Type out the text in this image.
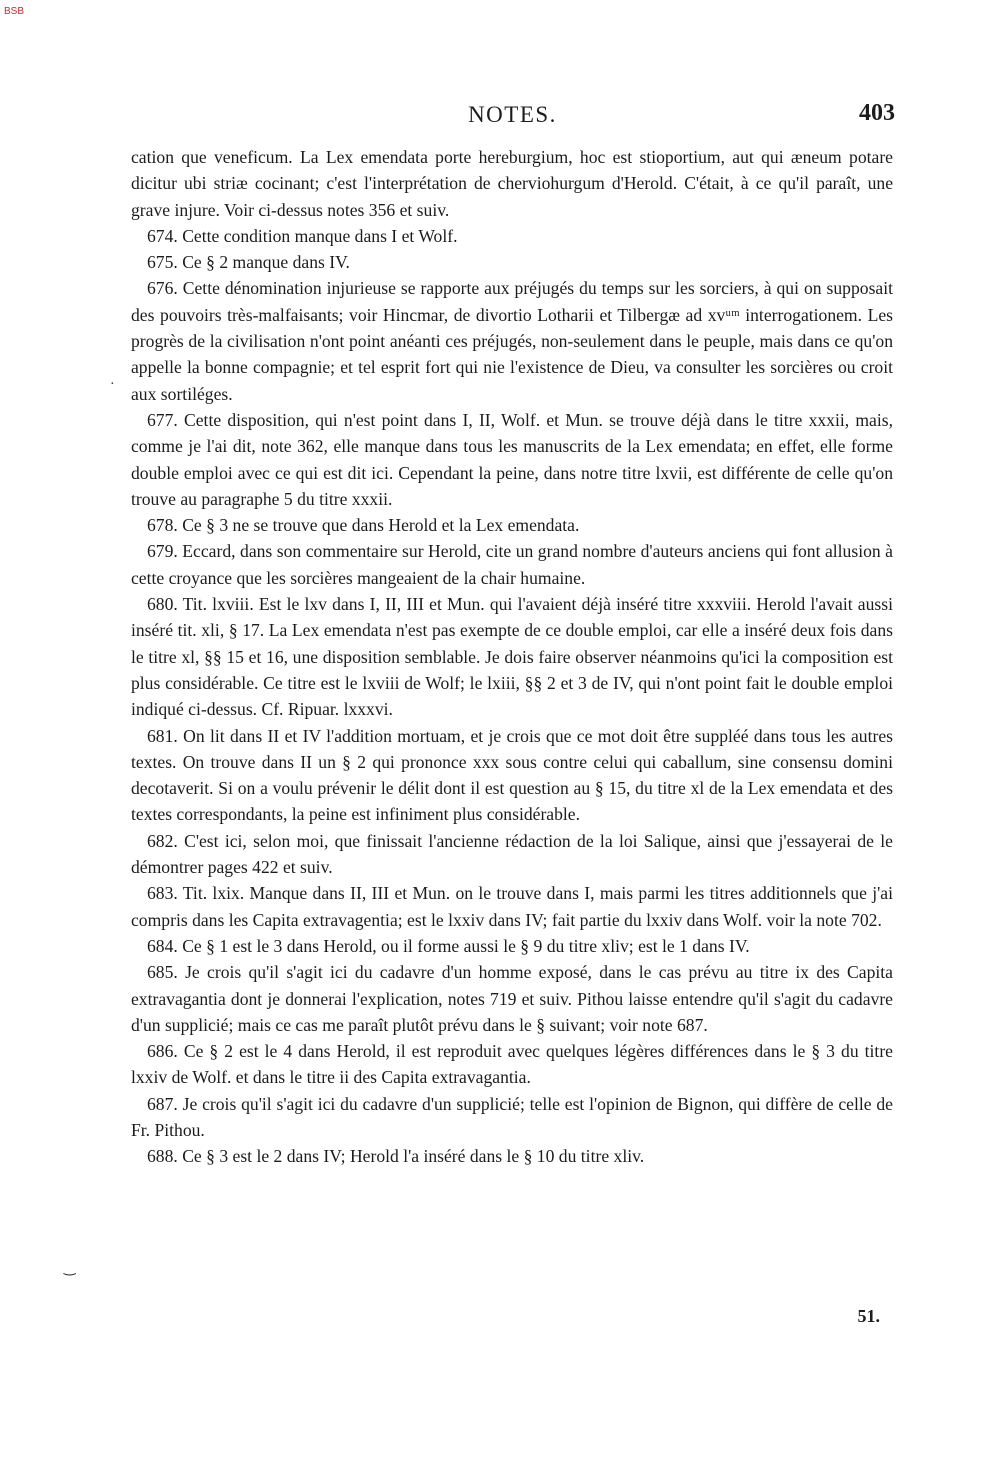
BSB
NOTES.	403

cation que veneficum. La Lex emendata porte hereburgium, hoc est stioportium, aut qui æneum potare dicitur ubi striæ cocinant; c'est l'interprétation de cherviohurgum d'Herold. C'était, à ce qu'il paraît, une grave injure. Voir ci-dessus notes 356 et suiv.

674. Cette condition manque dans I et Wolf.

675. Ce § 2 manque dans IV.

676. Cette dénomination injurieuse se rapporte aux préjugés du temps sur les sorciers, à qui on supposait des pouvoirs très-malfaisants; voir Hincmar, de divortio Lotharii et Tilbergæ ad xvᵘᵐ interrogationem. Les progrès de la civilisation n'ont point anéanti ces préjugés, non-seulement dans le peuple, mais dans ce qu'on appelle la bonne compagnie; et tel esprit fort qui nie l'existence de Dieu, va consulter les sorcières ou croit aux sortiléges.

677. Cette disposition, qui n'est point dans I, II, Wolf. et Mun. se trouve déjà dans le titre xxxii, mais, comme je l'ai dit, note 362, elle manque dans tous les manuscrits de la Lex emendata; en effet, elle forme double emploi avec ce qui est dit ici. Cependant la peine, dans notre titre lxvii, est différente de celle qu'on trouve au paragraphe 5 du titre xxxii.

678. Ce § 3 ne se trouve que dans Herold et la Lex emendata.

679. Eccard, dans son commentaire sur Herold, cite un grand nombre d'auteurs anciens qui font allusion à cette croyance que les sorcières mangeaient de la chair humaine.

680. Tit. lxviii. Est le lxv dans I, II, III et Mun. qui l'avaient déjà inséré titre xxxviii. Herold l'avait aussi inséré tit. xli, § 17. La Lex emendata n'est pas exempte de ce double emploi, car elle a inséré deux fois dans le titre xl, §§ 15 et 16, une disposition semblable. Je dois faire observer néanmoins qu'ici la composition est plus considérable. Ce titre est le lxviii de Wolf; le lxiii, §§ 2 et 3 de IV, qui n'ont point fait le double emploi indiqué ci-dessus. Cf. Ripuar. lxxxvi.

681. On lit dans II et IV l'addition mortuam, et je crois que ce mot doit être suppléé dans tous les autres textes. On trouve dans II un § 2 qui prononce xxx sous contre celui qui caballum, sine consensu domini decotaverit. Si on a voulu prévenir le délit dont il est question au § 15, du titre xl de la Lex emendata et des textes correspondants, la peine est infiniment plus considérable.

682. C'est ici, selon moi, que finissait l'ancienne rédaction de la loi Salique, ainsi que j'essayerai de le démontrer pages 422 et suiv.

683. Tit. lxix. Manque dans II, III et Mun. on le trouve dans I, mais parmi les titres additionnels que j'ai compris dans les Capita extravagentia; est le lxxiv dans IV; fait partie du lxxiv dans Wolf. voir la note 702.

684. Ce § 1 est le 3 dans Herold, ou il forme aussi le § 9 du titre xliv; est le 1 dans IV.

685. Je crois qu'il s'agit ici du cadavre d'un homme exposé, dans le cas prévu au titre ix des Capita extravagantia dont je donnerai l'explication, notes 719 et suiv. Pithou laisse entendre qu'il s'agit du cadavre d'un supplicié; mais ce cas me paraît plutôt prévu dans le § suivant; voir note 687.

686. Ce § 2 est le 4 dans Herold, il est reproduit avec quelques légères différences dans le § 3 du titre lxxiv de Wolf. et dans le titre ii des Capita extravagantia.

687. Je crois qu'il s'agit ici du cadavre d'un supplicié; telle est l'opinion de Bignon, qui diffère de celle de Fr. Pithou.

688. Ce § 3 est le 2 dans IV; Herold l'a inséré dans le § 10 du titre xliv.

·
‿
51.
